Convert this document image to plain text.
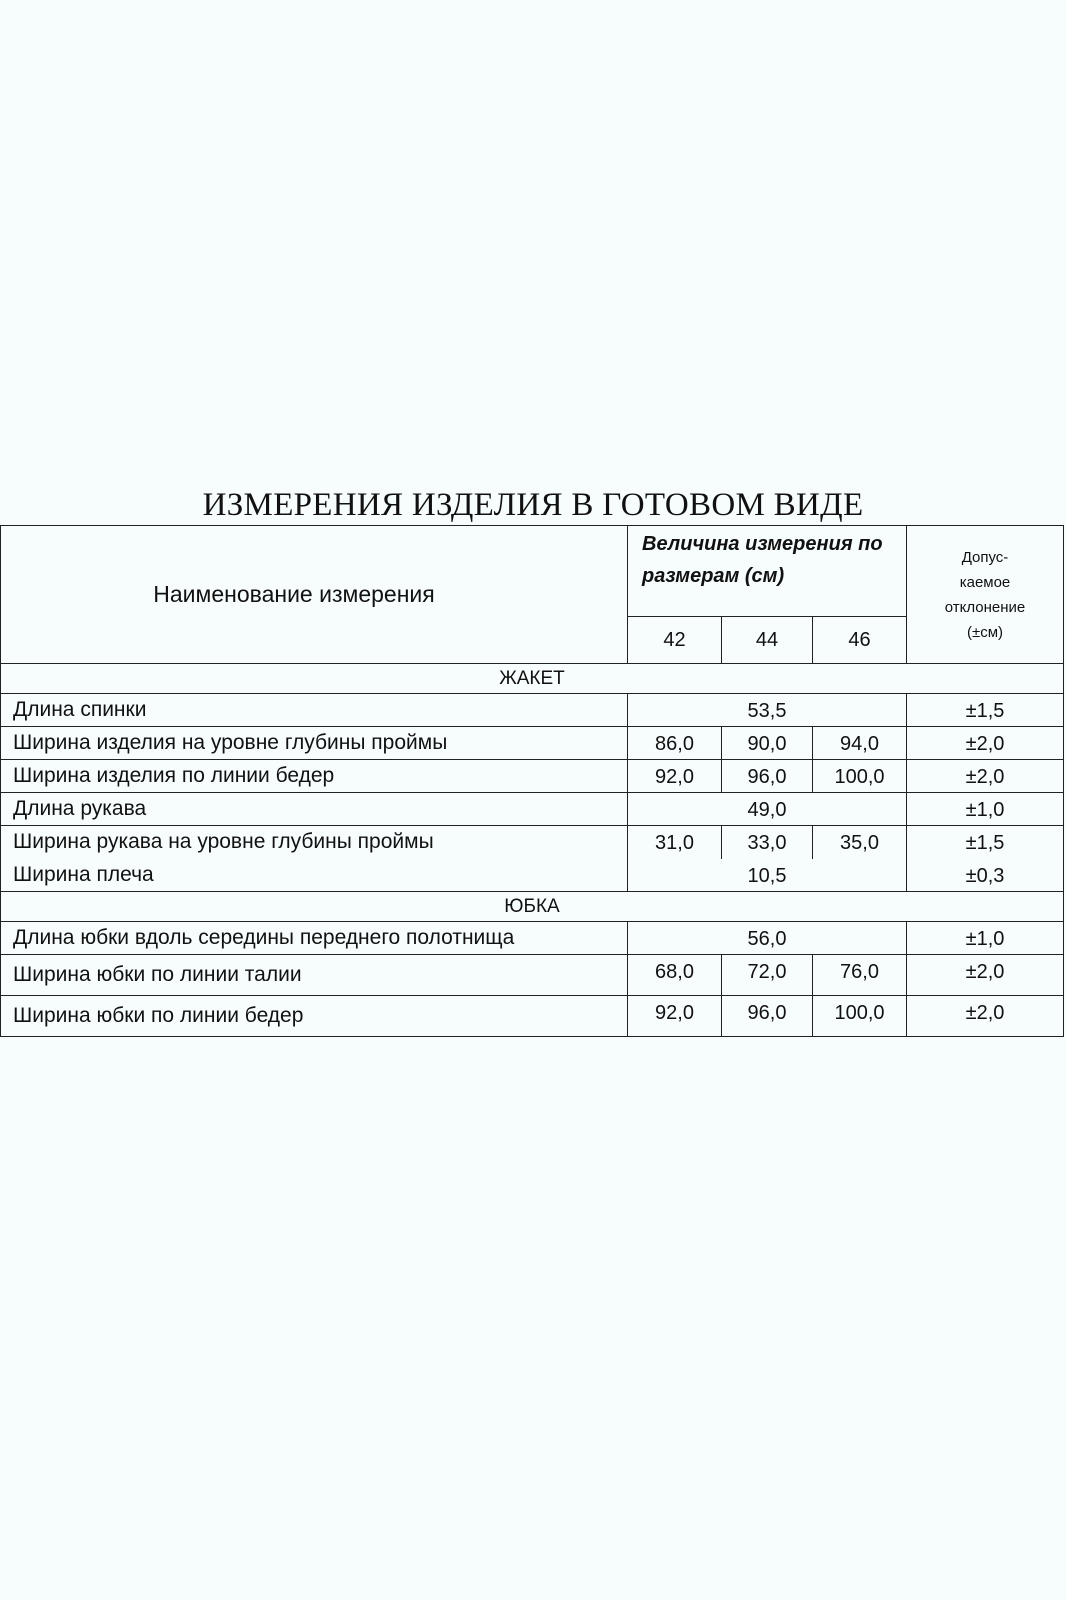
ИЗМЕРЕНИЯ ИЗДЕЛИЯ В ГОТОВОМ ВИДЕ
Наименование измерения	Величина измерения по размерам (см)			Допус- каемое отклонение (±см)
	42	44	46	
ЖАКЕТ				
Длина спинки	53,5			±1,5
Ширина изделия на уровне глубины проймы	86,0	90,0	94,0	±2,0
Ширина изделия по линии бедер	92,0	96,0	100,0	±2,0
Длина рукава	49,0			±1,0
Ширина рукава на уровне глубины проймы	31,0	33,0	35,0	±1,5
Ширина плеча	10,5			±0,3
ЮБКА				
Длина юбки вдоль середины переднего полотнища	56,0			±1,0
Ширина юбки по линии талии	68,0	72,0	76,0	±2,0
Ширина юбки по линии бедер	92,0	96,0	100,0	±2,0
